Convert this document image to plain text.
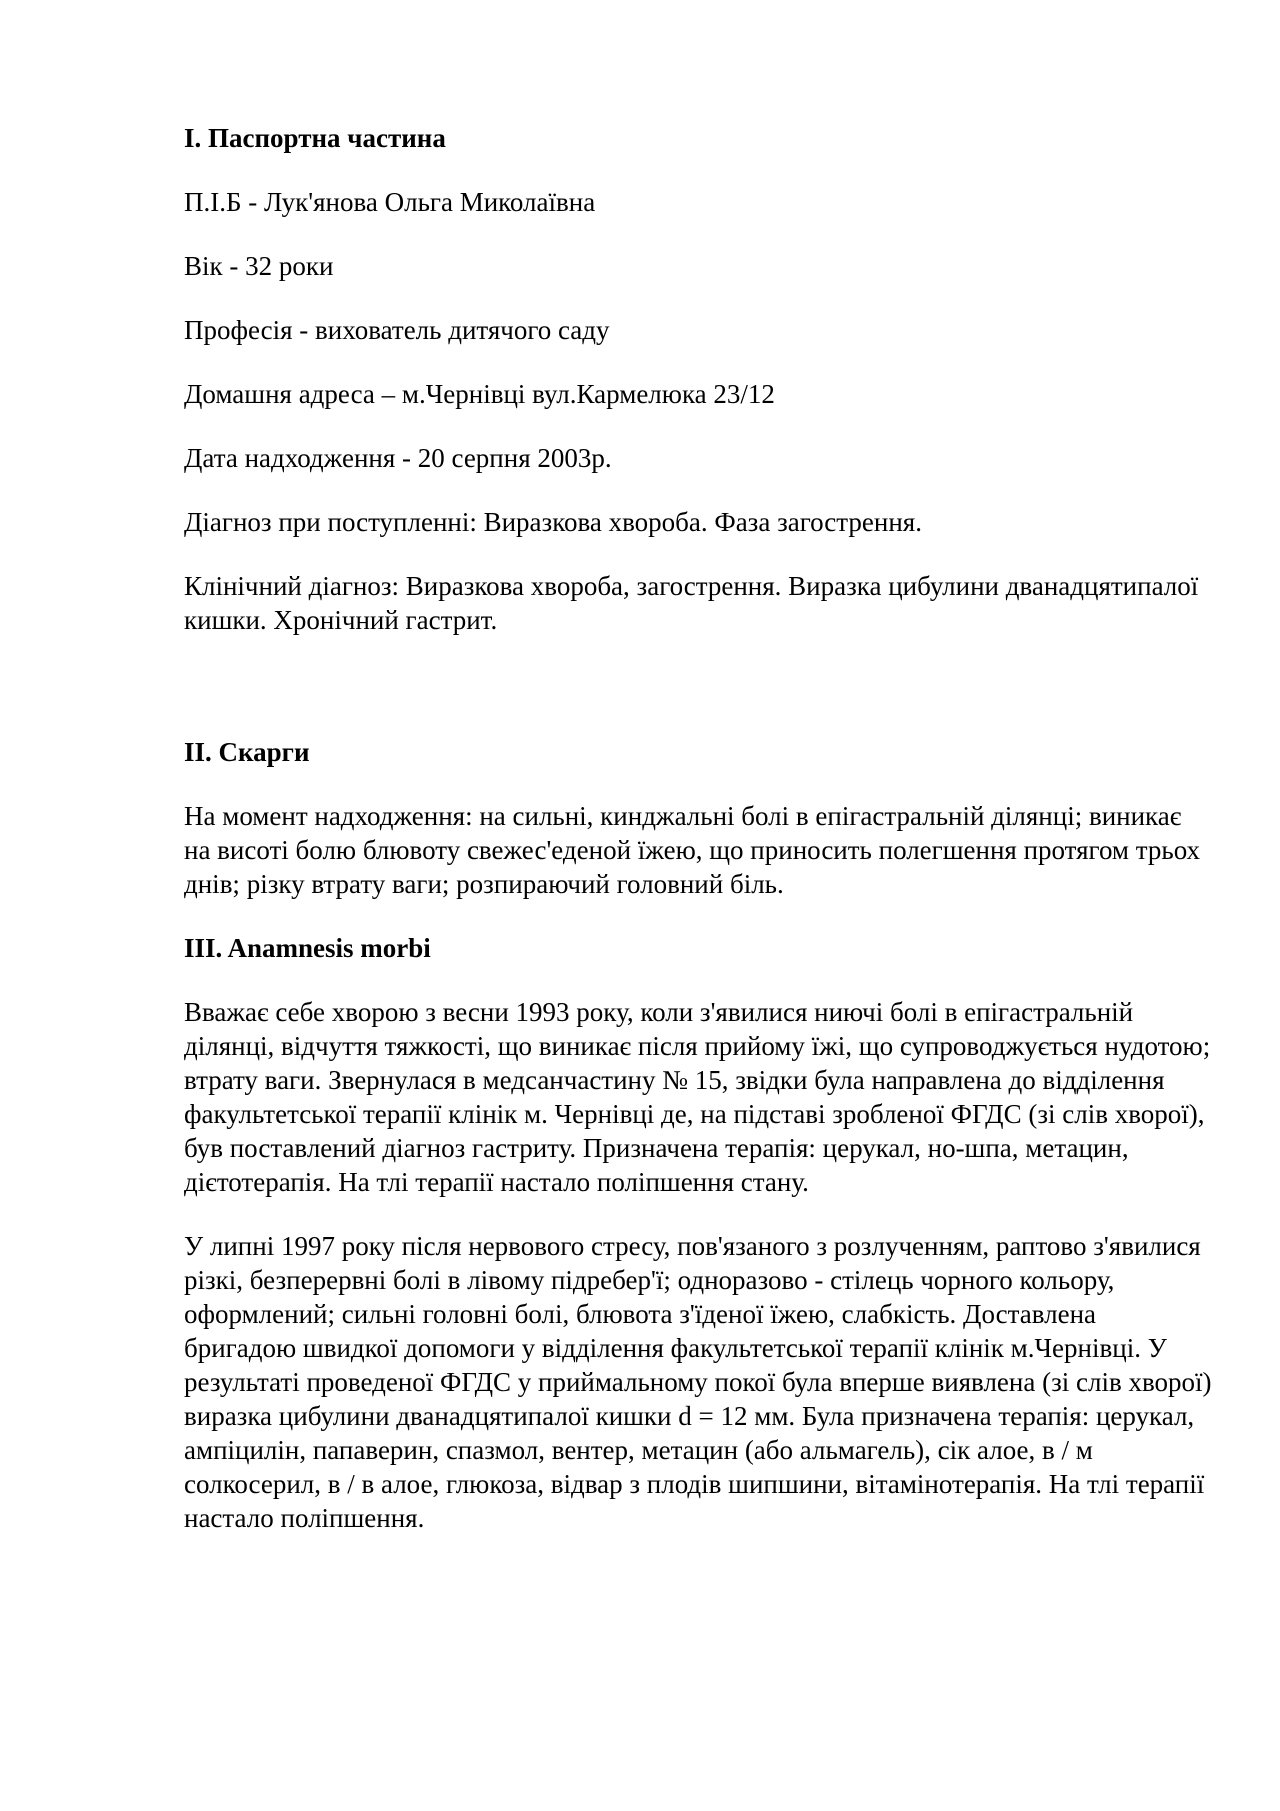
I. Паспортна частина
П.І.Б - Лук'янова Ольга Миколаївна
Вік - 32 роки
Професія - вихователь дитячого саду
Домашня адреса – м.Чернівці вул.Кармелюка 23/12
Дата надходження - 20 серпня 2003р.
Діагноз при поступленні: Виразкова хвороба. Фаза загострення.
Клінічний діагноз: Виразкова хвороба, загострення. Виразка цибулини дванадцятипалої кишки. Хронічний гастрит.
II. Скарги
На момент надходження: на сильні, кинджальні болі в епігастральній ділянці; виникає на висоті болю блювоту свежес'еденой їжею, що приносить полегшення протягом трьох днів; різку втрату ваги; розпираючий головний біль.
III. Anamnesis morbi
Вважає себе хворою з весни 1993 року, коли з'явилися ниючі болі в епігастральній ділянці, відчуття тяжкості, що виникає після прийому їжі, що супроводжується нудотою; втрату ваги. Звернулася в медсанчастину № 15, звідки була направлена до відділення факультетської терапії клінік м. Чернівці де, на підставі зробленої ФГДС (зі слів хворої), був поставлений діагноз гастриту. Призначена терапія: церукал, но-шпа, метацин, дієтотерапія. На тлі терапії настало поліпшення стану.
У липні 1997 року після нервового стресу, пов'язаного з розлученням, раптово з'явилися різкі, безперервні болі в лівому підребер'ї; одноразово - стілець чорного кольору, оформлений; сильні головні болі, блювота з'їденої їжею, слабкість. Доставлена бригадою швидкої допомоги у відділення факультетської терапії клінік м.Чернівці. У результаті проведеної ФГДС у приймальному покої була вперше виявлена (зі слів хворої) виразка цибулини дванадцятипалої кишки d = 12 мм. Була призначена терапія: церукал, ампіцилін, папаверин, спазмол, вентер, метацин (або альмагель), сік алое, в / м солкосерил, в / в алое, глюкоза, відвар з плодів шипшини, вітамінотерапія. На тлі терапії настало поліпшення.
